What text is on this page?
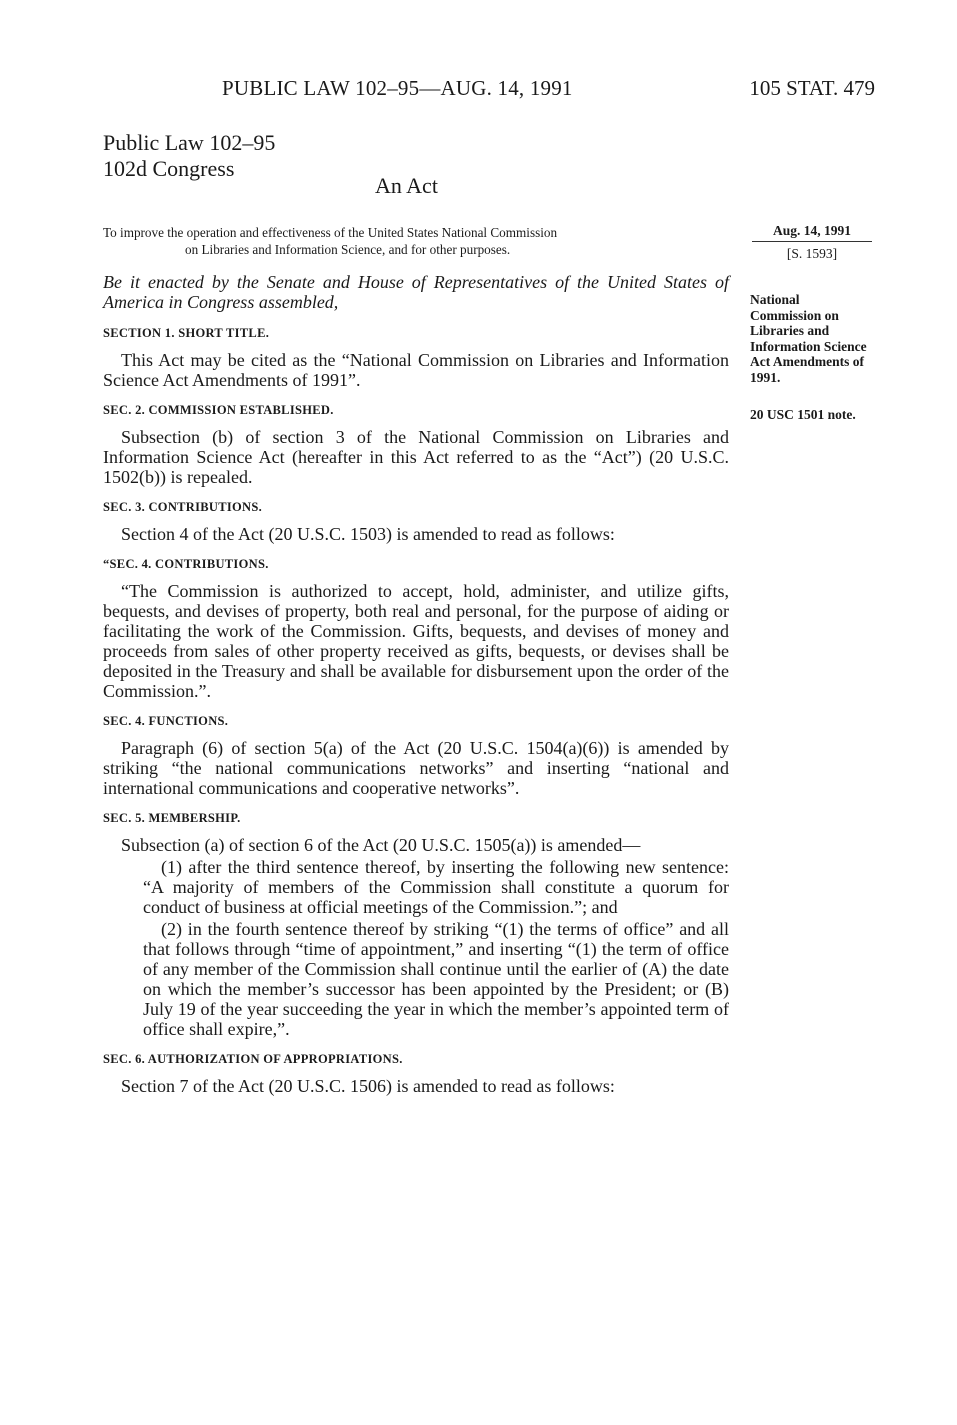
PUBLIC LAW 102–95—AUG. 14, 1991	105 STAT. 479
Public Law 102–95
102d Congress
An Act
To improve the operation and effectiveness of the United States National Commission
on Libraries and Information Science, and for other purposes.
Aug. 14, 1991
[S. 1593]
National Commission on Libraries and Information Science Act Amendments of 1991.
20 USC 1501 note.

Be it enacted by the Senate and House of Representatives of the United States of America in Congress assembled,

SECTION 1. SHORT TITLE.

This Act may be cited as the “National Commission on Libraries and Information Science Act Amendments of 1991”.

SEC. 2. COMMISSION ESTABLISHED.

Subsection (b) of section 3 of the National Commission on Libraries and Information Science Act (hereafter in this Act referred to as the “Act”) (20 U.S.C. 1502(b)) is repealed.

SEC. 3. CONTRIBUTIONS.

Section 4 of the Act (20 U.S.C. 1503) is amended to read as follows:

“SEC. 4. CONTRIBUTIONS.

“The Commission is authorized to accept, hold, administer, and utilize gifts, bequests, and devises of property, both real and personal, for the purpose of aiding or facilitating the work of the Commission. Gifts, bequests, and devises of money and proceeds from sales of other property received as gifts, bequests, or devises shall be deposited in the Treasury and shall be available for disbursement upon the order of the Commission.”.

SEC. 4. FUNCTIONS.

Paragraph (6) of section 5(a) of the Act (20 U.S.C. 1504(a)(6)) is amended by striking “the national communications networks” and inserting “national and international communications and cooperative networks”.

SEC. 5. MEMBERSHIP.

Subsection (a) of section 6 of the Act (20 U.S.C. 1505(a)) is amended—

(1) after the third sentence thereof, by inserting the following new sentence: “A majority of members of the Commission shall constitute a quorum for conduct of business at official meetings of the Commission.”; and

(2) in the fourth sentence thereof by striking “(1) the terms of office” and all that follows through “time of appointment,” and inserting “(1) the term of office of any member of the Commission shall continue until the earlier of (A) the date on which the member’s successor has been appointed by the President; or (B) July 19 of the year succeeding the year in which the member’s appointed term of office shall expire,”.

SEC. 6. AUTHORIZATION OF APPROPRIATIONS.

Section 7 of the Act (20 U.S.C. 1506) is amended to read as follows:
